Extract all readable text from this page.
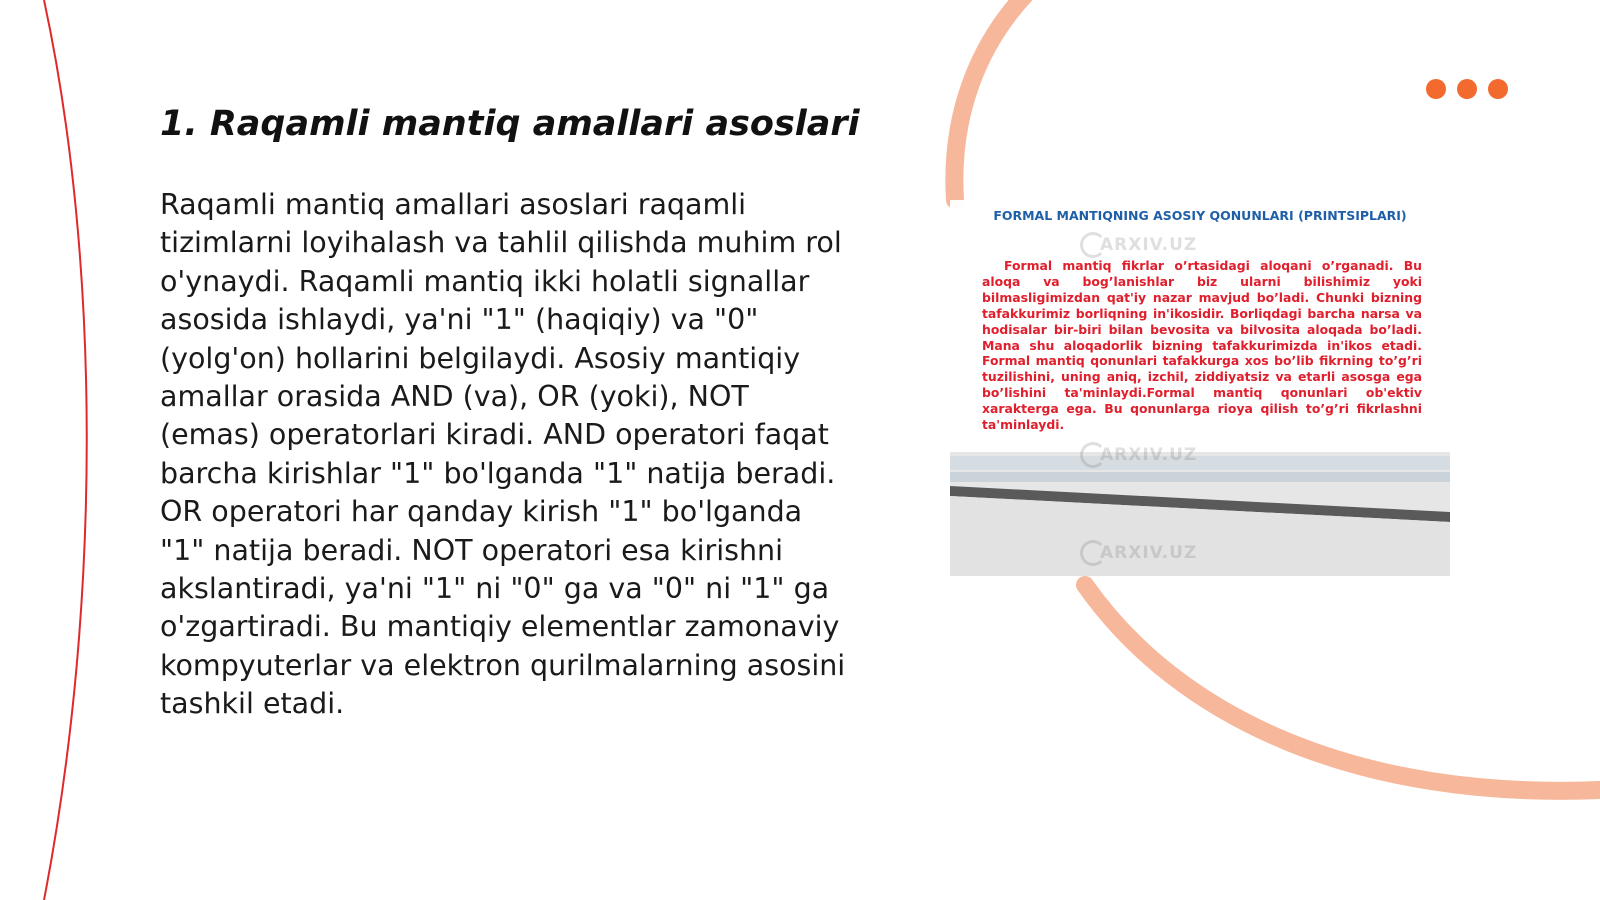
1. Raqamli mantiq amallari asoslari

Raqamli mantiq amallari asoslari raqamli tizimlarni loyihalash va tahlil qilishda muhim rol o'ynaydi. Raqamli mantiq ikki holatli signallar asosida ishlaydi, ya'ni "1" (haqiqiy) va "0" (yolg'on) hollarini belgilaydi. Asosiy mantiqiy amallar orasida AND (va), OR (yoki), NOT (emas) operatorlari kiradi. AND operatori faqat barcha kirishlar "1" bo'lganda "1" natija beradi. OR operatori har qanday kirish "1" bo'lganda "1" natija beradi. NOT operatori esa kirishni akslantiradi, ya'ni "1" ni "0" ga va "0" ni "1" ga o'zgartiradi. Bu mantiqiy elementlar zamonaviy kompyuterlar va elektron qurilmalarning asosini tashkil etadi.

FORMAL MANTIQNING ASOSIY QONUNLARI (PRINTSIPLARI)
ARXIV.UZ

Formal mantiq fikrlar o’rtasidagi aloqani o’rganadi. Bu aloqa va bog’lanishlar biz ularni bilishimiz yoki bilmasligimizdan qat'iy nazar mavjud bo’ladi. Chunki bizning tafakkurimiz borliqning in'ikosidir. Borliqdagi barcha narsa va hodisalar bir-biri bilan bevosita va bilvosita aloqada bo’ladi. Mana shu aloqadorlik bizning tafakkurimizda in'ikos etadi. Formal mantiq qonunlari tafakkurga xos bo’lib fikrning to’g’ri tuzilishini, uning aniq, izchil, ziddiyatsiz va etarli asosga ega bo’lishini ta'minlaydi.Formal mantiq qonunlari ob'ektiv xarakterga ega. Bu qonunlarga rioya qilish to’g’ri fikrlashni ta'minlaydi.

ARXIV.UZ
ARXIV.UZ
